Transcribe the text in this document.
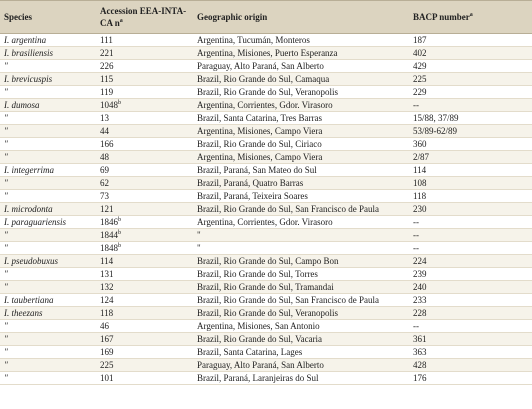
Species	Accession EEA-INTA-CA $n^a$	Geographic origin	BACP number$^a$
I. argentina	111	Argentina, Tucumán, Monteros	187
I. brasiliensis	221	Argentina, Misiones, Puerto Esperanza	402
"	226	Paraguay, Alto Paraná, San Alberto	429
I. brevicuspis	115	Brazil, Rio Grande do Sul, Camaqua	225
"	119	Brazil, Rio Grande do Sul, Veranopolis	229
I. dumosa	1048$^b$	Argentina, Corrientes, Gdor. Virasoro	--
"	13	Brazil, Santa Catarina, Tres Barras	15/88, 37/89
"	44	Argentina, Misiones, Campo Viera	53/89-62/89
"	166	Brazil, Rio Grande do Sul, Ciriaco	360
"	48	Argentina, Misiones, Campo Viera	2/87
I. integerrima	69	Brazil, Paraná, San Mateo do Sul	114
"	62	Brazil, Paraná, Quatro Barras	108
"	73	Brazil, Paraná, Teixeira Soares	118
I. microdonta	121	Brazil, Rio Grande do Sul, San Francisco de Paula	230
I. paraguariensis	1846$^b$	Argentina, Corrientes, Gdor. Virasoro	--
"	1844$^b$	"	--
"	1848$^b$	"	--
I. pseudobuxus	114	Brazil, Rio Grande do Sul, Campo Bon	224
"	131	Brazil, Rio Grande do Sul, Torres	239
"	132	Brazil, Rio Grande do Sul, Tramandai	240
I. taubertiana	124	Brazil, Rio Grande do Sul, San Francisco de Paula	233
I. theezans	118	Brazil, Rio Grande do Sul, Veranopolis	228
"	46	Argentina, Misiones, San Antonio	--
"	167	Brazil, Rio Grande do Sul, Vacaria	361
"	169	Brazil, Santa Catarina, Lages	363
"	225	Paraguay, Alto Paraná, San Alberto	428
"	101	Brazil, Paraná, Laranjeiras do Sul	176
